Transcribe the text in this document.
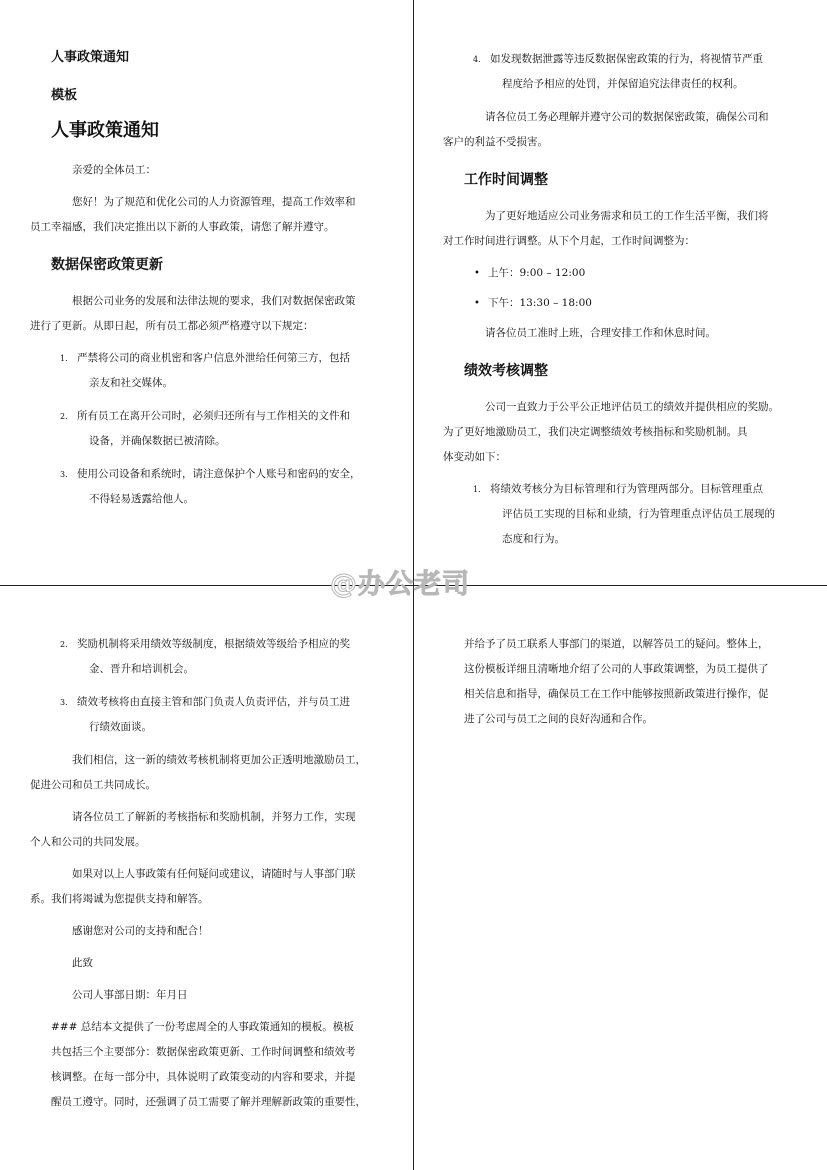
人事政策通知
模板
人事政策通知

亲爱的全体员工：

您好！为了规范和优化公司的人力资源管理，提高工作效率和
员工幸福感，我们决定推出以下新的人事政策，请您了解并遵守。

数据保密政策更新

根据公司业务的发展和法律法规的要求，我们对数据保密政策
进行了更新。从即日起，所有员工都必须严格遵守以下规定：

1. 严禁将公司的商业机密和客户信息外泄给任何第三方，包括
亲友和社交媒体。
2. 所有员工在离开公司时，必须归还所有与工作相关的文件和
设备，并确保数据已被清除。
3. 使用公司设备和系统时，请注意保护个人账号和密码的安全，
不得轻易透露给他人。
4. 如发现数据泄露等违反数据保密政策的行为，将视情节严重
程度给予相应的处罚，并保留追究法律责任的权利。

请各位员工务必理解并遵守公司的数据保密政策，确保公司和
客户的利益不受损害。

工作时间调整

为了更好地适应公司业务需求和员工的工作生活平衡，我们将
对工作时间进行调整。从下个月起，工作时间调整为：

• 上午：9:00 – 12:00
• 下午：13:30 – 18:00

请各位员工准时上班，合理安排工作和休息时间。

绩效考核调整

公司一直致力于公平公正地评估员工的绩效并提供相应的奖励。
为了更好地激励员工，我们决定调整绩效考核指标和奖励机制。具
体变动如下：

1. 将绩效考核分为目标管理和行为管理两部分。目标管理重点
评估员工实现的目标和业绩，行为管理重点评估员工展现的
态度和行为。
@办公老司
2. 奖励机制将采用绩效等级制度，根据绩效等级给予相应的奖
金、晋升和培训机会。
3. 绩效考核将由直接主管和部门负责人负责评估，并与员工进
行绩效面谈。

我们相信，这一新的绩效考核机制将更加公正透明地激励员工，
促进公司和员工共同成长。

请各位员工了解新的考核指标和奖励机制，并努力工作，实现
个人和公司的共同发展。

如果对以上人事政策有任何疑问或建议，请随时与人事部门联
系。我们将竭诚为您提供支持和解答。

感谢您对公司的支持和配合！

此致

公司人事部日期：年月日

### 总结本文提供了一份考虑周全的人事政策通知的模板。模板
共包括三个主要部分：数据保密政策更新、工作时间调整和绩效考
核调整。在每一部分中，具体说明了政策变动的内容和要求，并提
醒员工遵守。同时，还强调了员工需要了解并理解新政策的重要性，

并给予了员工联系人事部门的渠道，以解答员工的疑问。整体上，
这份模板详细且清晰地介绍了公司的人事政策调整，为员工提供了
相关信息和指导，确保员工在工作中能够按照新政策进行操作，促
进了公司与员工之间的良好沟通和合作。
